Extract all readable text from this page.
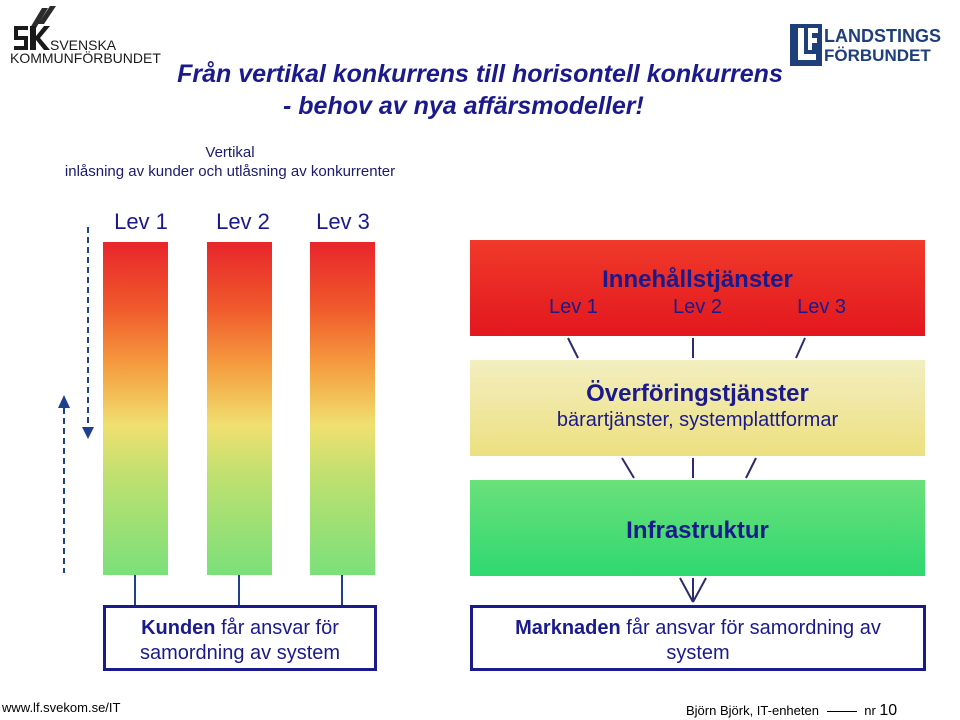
SVENSKA
KOMMUNFÖRBUNDET
LANDSTINGS
FÖRBUNDET
Från vertikal konkurrens till horisontell konkurrens
- behov av nya affärsmodeller!
Vertikal
inlåsning av kunder och utlåsning av konkurrenter
Lev 1	Lev 2	Lev 3
Innehållstjänster
Lev 1	Lev 2	Lev 3
Överföringstjänster
bärartjänster, systemplattformar
Infrastruktur
Kunden får ansvar för
samordning av system
Marknaden får ansvar för samordning av
system
www.lf.svekom.se/IT	Björn Björk, IT-enheten	nr 10
